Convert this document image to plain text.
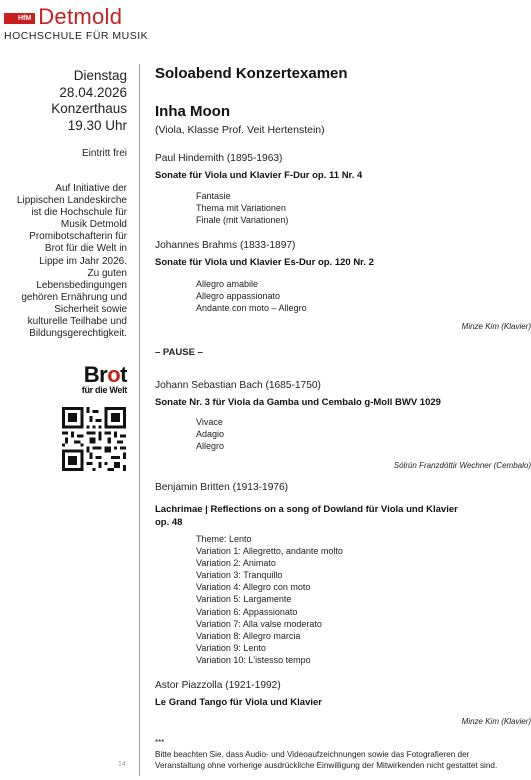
HfM Detmold
HOCHSCHULE FÜR MUSIK
Dienstag
28.04.2026
Konzerthaus
19.30 Uhr
Eintritt frei
Auf Initiative der
Lippischen Landeskirche
ist die Hochschule für
Musik Detmold
Promibotschafterin für
Brot für die Welt in
Lippe im Jahr 2026.
Zu guten
Lebensbedingungen
gehören Ernährung und
Sicherheit sowie
kulturelle Teilhabe und
Bildungsgerechtigkeit.
Brot
für die Welt
14
Soloabend Konzertexamen
Inha Moon
(Viola, Klasse Prof. Veit Hertenstein)
Paul Hindemith (1895-1963)
Sonate für Viola und Klavier F-Dur op. 11 Nr. 4
Fantasie
Thema mit Variationen
Finale (mit Variationen)
Johannes Brahms (1833-1897)
Sonate für Viola und Klavier Es-Dur op. 120 Nr. 2
Allegro amabile
Allegro appassionato
Andante con moto – Allegro
Minze Kim (Klavier)
– PAUSE –
Johann Sebastian Bach (1685-1750)
Sonate Nr. 3 für Viola da Gamba und Cembalo g-Moll BWV 1029
Vivace
Adagio
Allegro
Sólrún Franzdóttir Wechner (Cembalo)
Benjamin Britten (1913-1976)
Lachrimae | Reflections on a song of Dowland für Viola und Klavier
op. 48
Theme: Lento
Variation 1: Allegretto, andante molto
Variation 2: Animato
Variation 3: Tranquillo
Variation 4: Allegro con moto
Variation 5: Largamente
Variation 6: Appassionato
Variation 7: Alla valse moderato
Variation 8: Allegro marcia
Variation 9: Lento
Variation 10: L'istesso tempo
Astor Piazzolla (1921-1992)
Le Grand Tango für Viola und Klavier
Minze Kim (Klavier)
***
Bitte beachten Sie, dass Audio- und Videoaufzeichnungen sowie das Fotografieren der
Veranstaltung ohne vorherige ausdrückliche Einwilligung der Mitwirkenden nicht gestattet sind.
